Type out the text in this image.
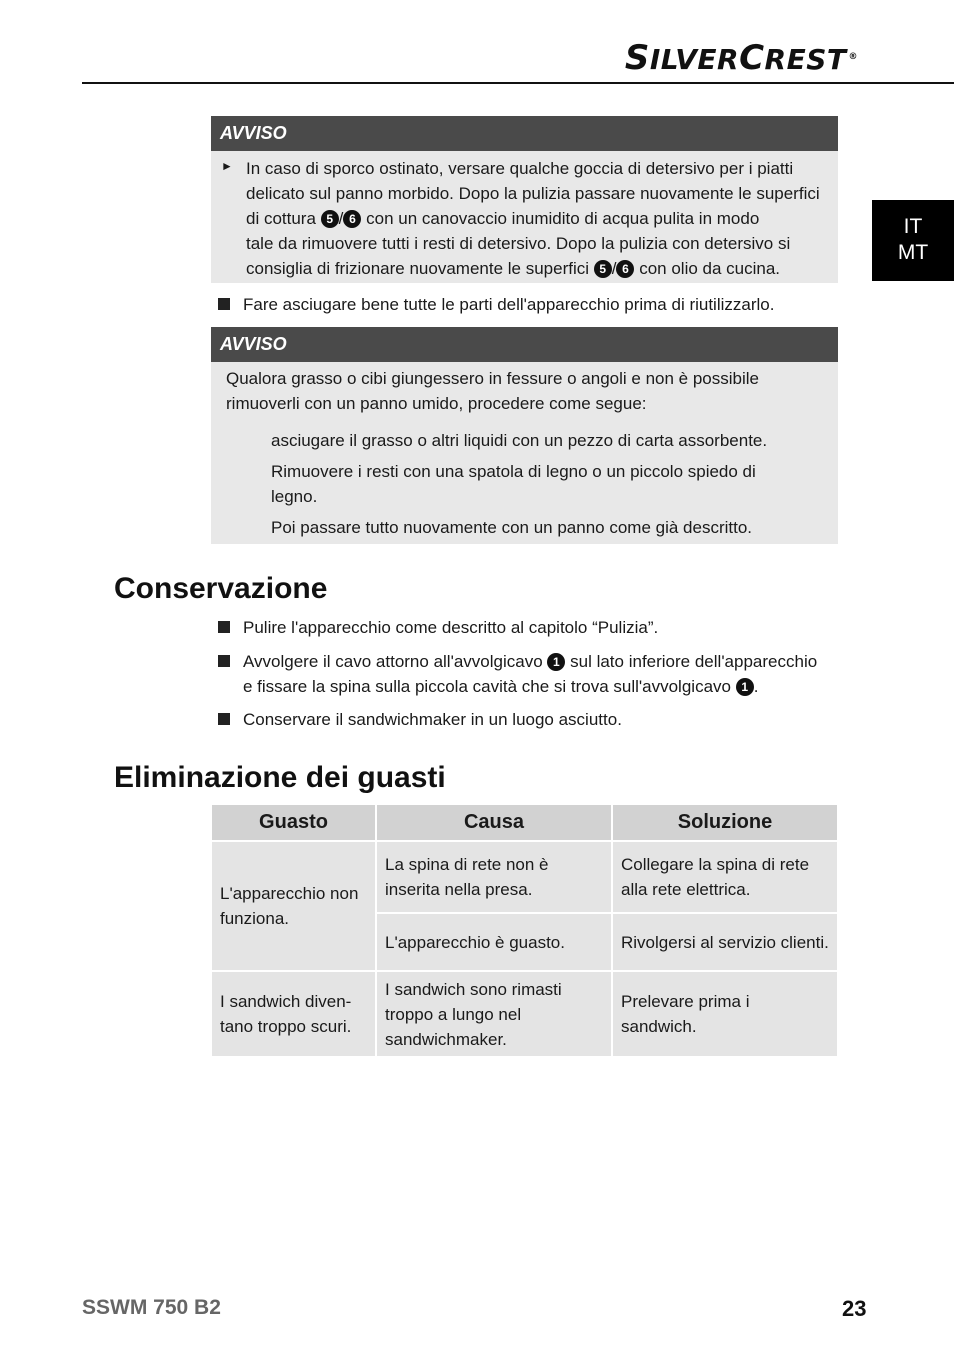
SILVERCREST ®
IT
MT
AVVISO
► In caso di sporco ostinato, versare qualche goccia di detersivo per i piatti
delicato sul panno morbido. Dopo la pulizia passare nuovamente le superfici
di cottura 5 / 6 con un canovaccio inumidito di acqua pulita in modo
tale da rimuovere tutti i resti di detersivo. Dopo la pulizia con detersivo si
consiglia di frizionare nuovamente le superfici 5 / 6 con olio da cucina.
Fare asciugare bene tutte le parti dell'apparecchio prima di riutilizzarlo.
AVVISO
Qualora grasso o cibi giungessero in fessure o angoli e non è possibile
rimuoverli con un panno umido, procedere come segue:
asciugare il grasso o altri liquidi con un pezzo di carta assorbente.
Rimuovere i resti con una spatola di legno o un piccolo spiedo di
legno.
Poi passare tutto nuovamente con un panno come già descritto.
Conservazione
Pulire l'apparecchio come descritto al capitolo “Pulizia”.
Avvolgere il cavo attorno all'avvolgicavo 1 sul lato inferiore dell'apparecchio
e fissare la spina sulla piccola cavità che si trova sull'avvolgicavo 1 .
Conservare il sandwichmaker in un luogo asciutto.
Eliminazione dei guasti
Guasto	Causa	Soluzione
L'apparecchio non funziona.	La spina di rete non è inserita nella presa.	Collegare la spina di rete alla rete elettrica.
	L'apparecchio è guasto.	Rivolgersi al servizio clienti.

I sandwich diven-
tano troppo scuri.	I sandwich sono rimasti troppo a lungo nel sandwichmaker.	Prelevare prima i sandwich.
SSWM 750 B2	23
